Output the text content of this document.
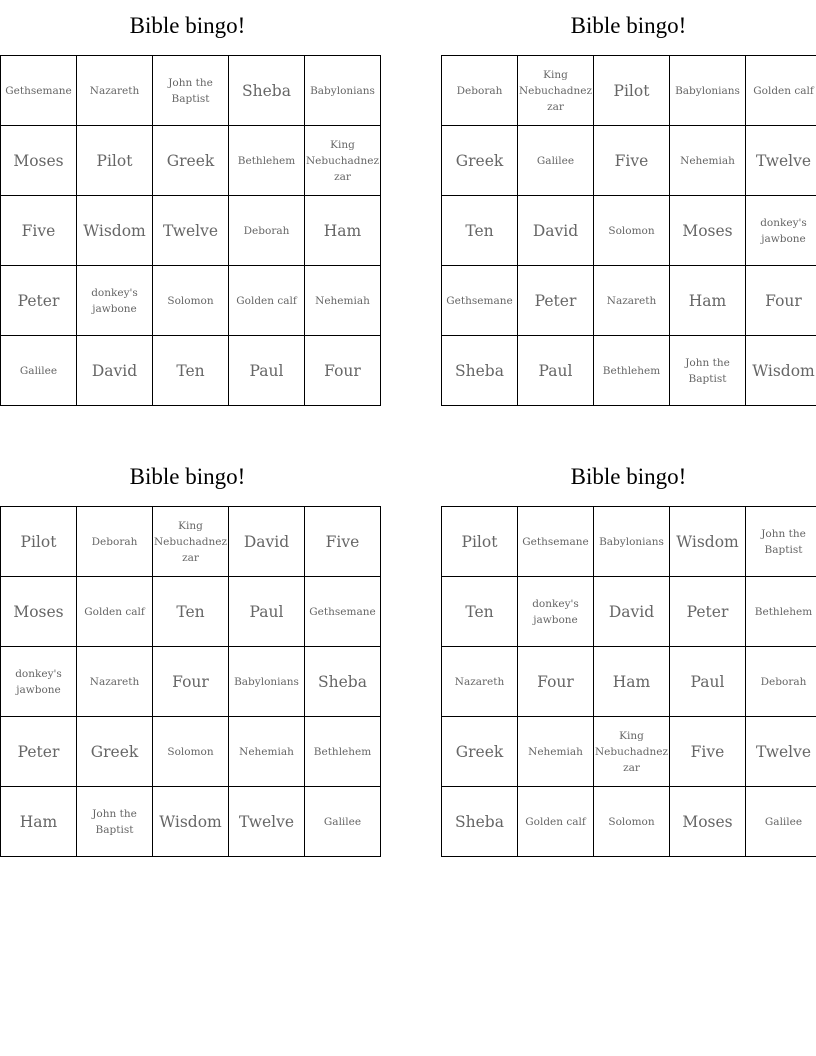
Bible bingo!
Gethsemane	Nazareth	John the Baptist	Sheba	Babylonians
Moses	Pilot	Greek	Bethlehem	King Nebuchadnezzar
Five	Wisdom	Twelve	Deborah	Ham
Peter	donkey's jawbone	Solomon	Golden calf	Nehemiah
Galilee	David	Ten	Paul	Four
Bible bingo!
Deborah	King Nebuchadnezzar	Pilot	Babylonians	Golden calf
Greek	Galilee	Five	Nehemiah	Twelve
Ten	David	Solomon	Moses	donkey's jawbone
Gethsemane	Peter	Nazareth	Ham	Four
Sheba	Paul	Bethlehem	John the Baptist	Wisdom
Bible bingo!
Pilot	Deborah	King Nebuchadnezzar	David	Five
Moses	Golden calf	Ten	Paul	Gethsemane
donkey's jawbone	Nazareth	Four	Babylonians	Sheba
Peter	Greek	Solomon	Nehemiah	Bethlehem
Ham	John the Baptist	Wisdom	Twelve	Galilee
Bible bingo!
Pilot	Gethsemane	Babylonians	Wisdom	John the Baptist
Ten	donkey's jawbone	David	Peter	Bethlehem
Nazareth	Four	Ham	Paul	Deborah
Greek	Nehemiah	King Nebuchadnezzar	Five	Twelve
Sheba	Golden calf	Solomon	Moses	Galilee
